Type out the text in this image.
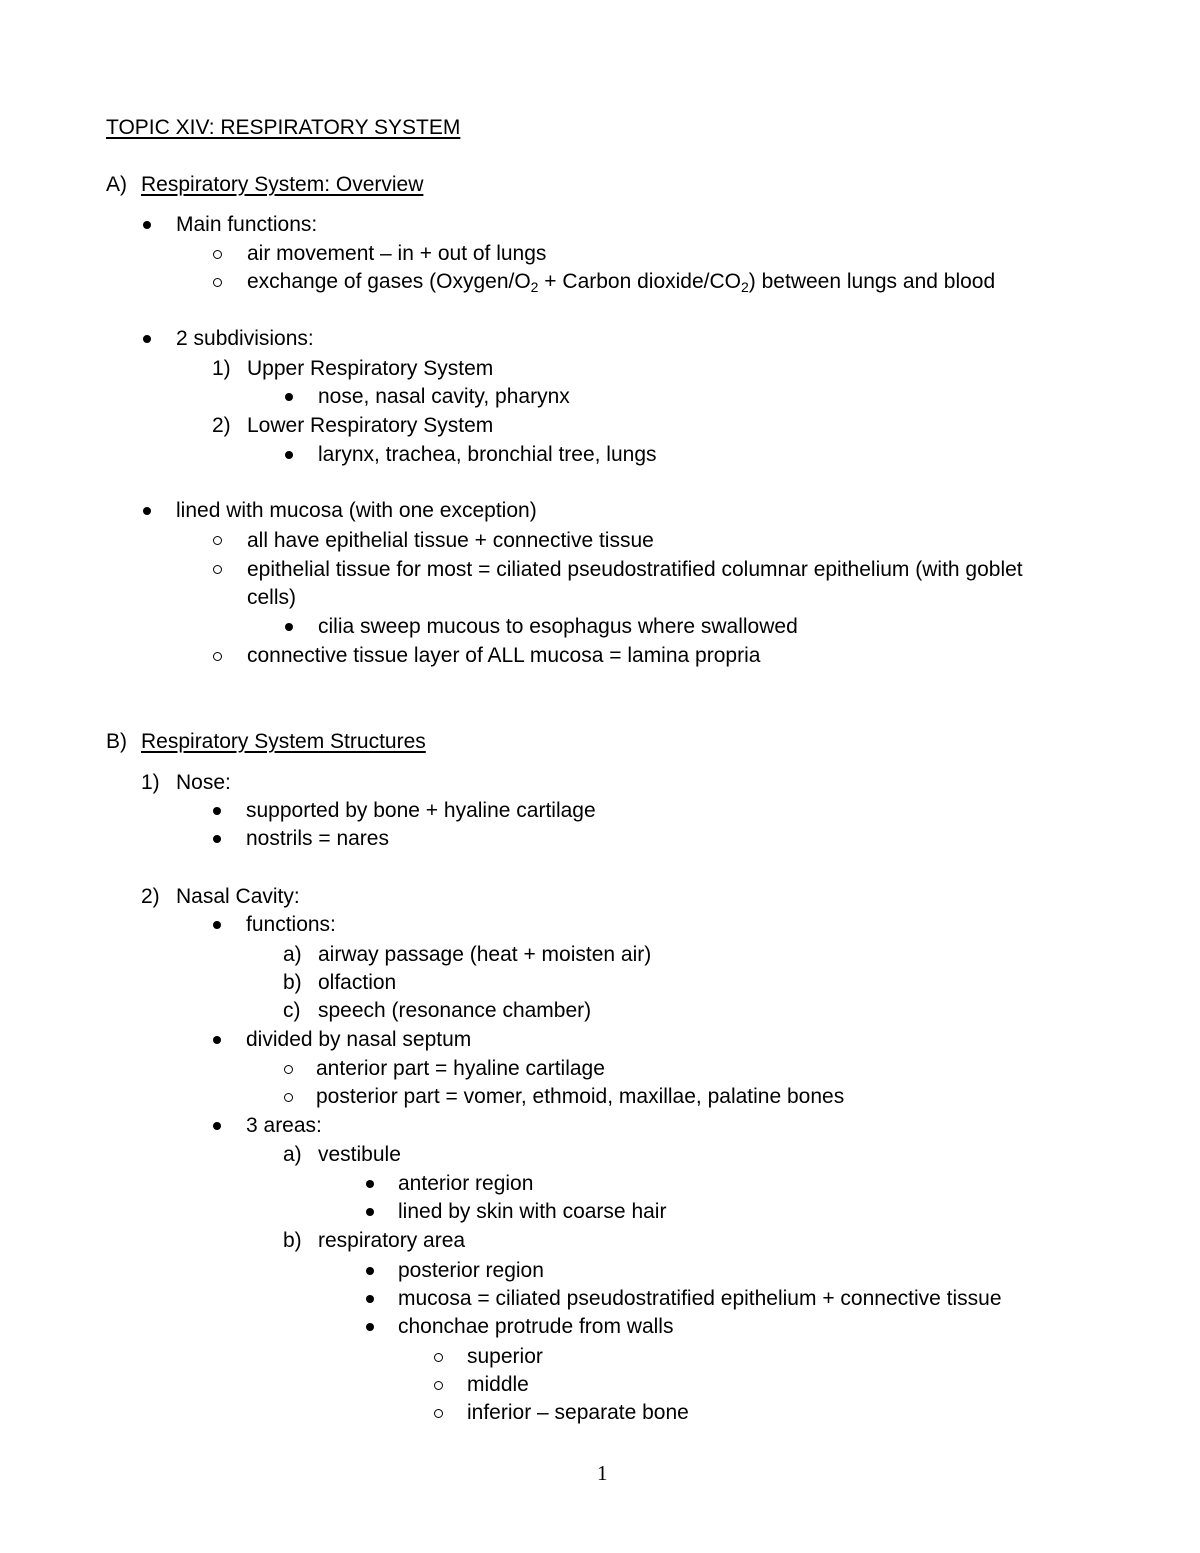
TOPIC XIV: RESPIRATORY SYSTEM
A) Respiratory System: Overview
Main functions:
air movement – in + out of lungs
exchange of gases ($Oxygen/O_2$ + Carbon dioxide/$CO_2$) between lungs and blood
2 subdivisions:
1) Upper Respiratory System
nose, nasal cavity, pharynx
2) Lower Respiratory System
larynx, trachea, bronchial tree, lungs
lined with mucosa (with one exception)
all have epithelial tissue + connective tissue
epithelial tissue for most = ciliated pseudostratified columnar epithelium (with goblet
cells)
cilia sweep mucous to esophagus where swallowed
connective tissue layer of ALL mucosa = lamina propria
B) Respiratory System Structures
1) Nose:
supported by bone + hyaline cartilage
nostrils = nares
2) Nasal Cavity:
functions:
a) airway passage (heat + moisten air)
b) olfaction
c) speech (resonance chamber)
divided by nasal septum
anterior part = hyaline cartilage
posterior part = vomer, ethmoid, maxillae, palatine bones
3 areas:
a) vestibule
anterior region
lined by skin with coarse hair
b) respiratory area
posterior region
mucosa = ciliated pseudostratified epithelium + connective tissue
chonchae protrude from walls
superior
middle
inferior – separate bone
1
